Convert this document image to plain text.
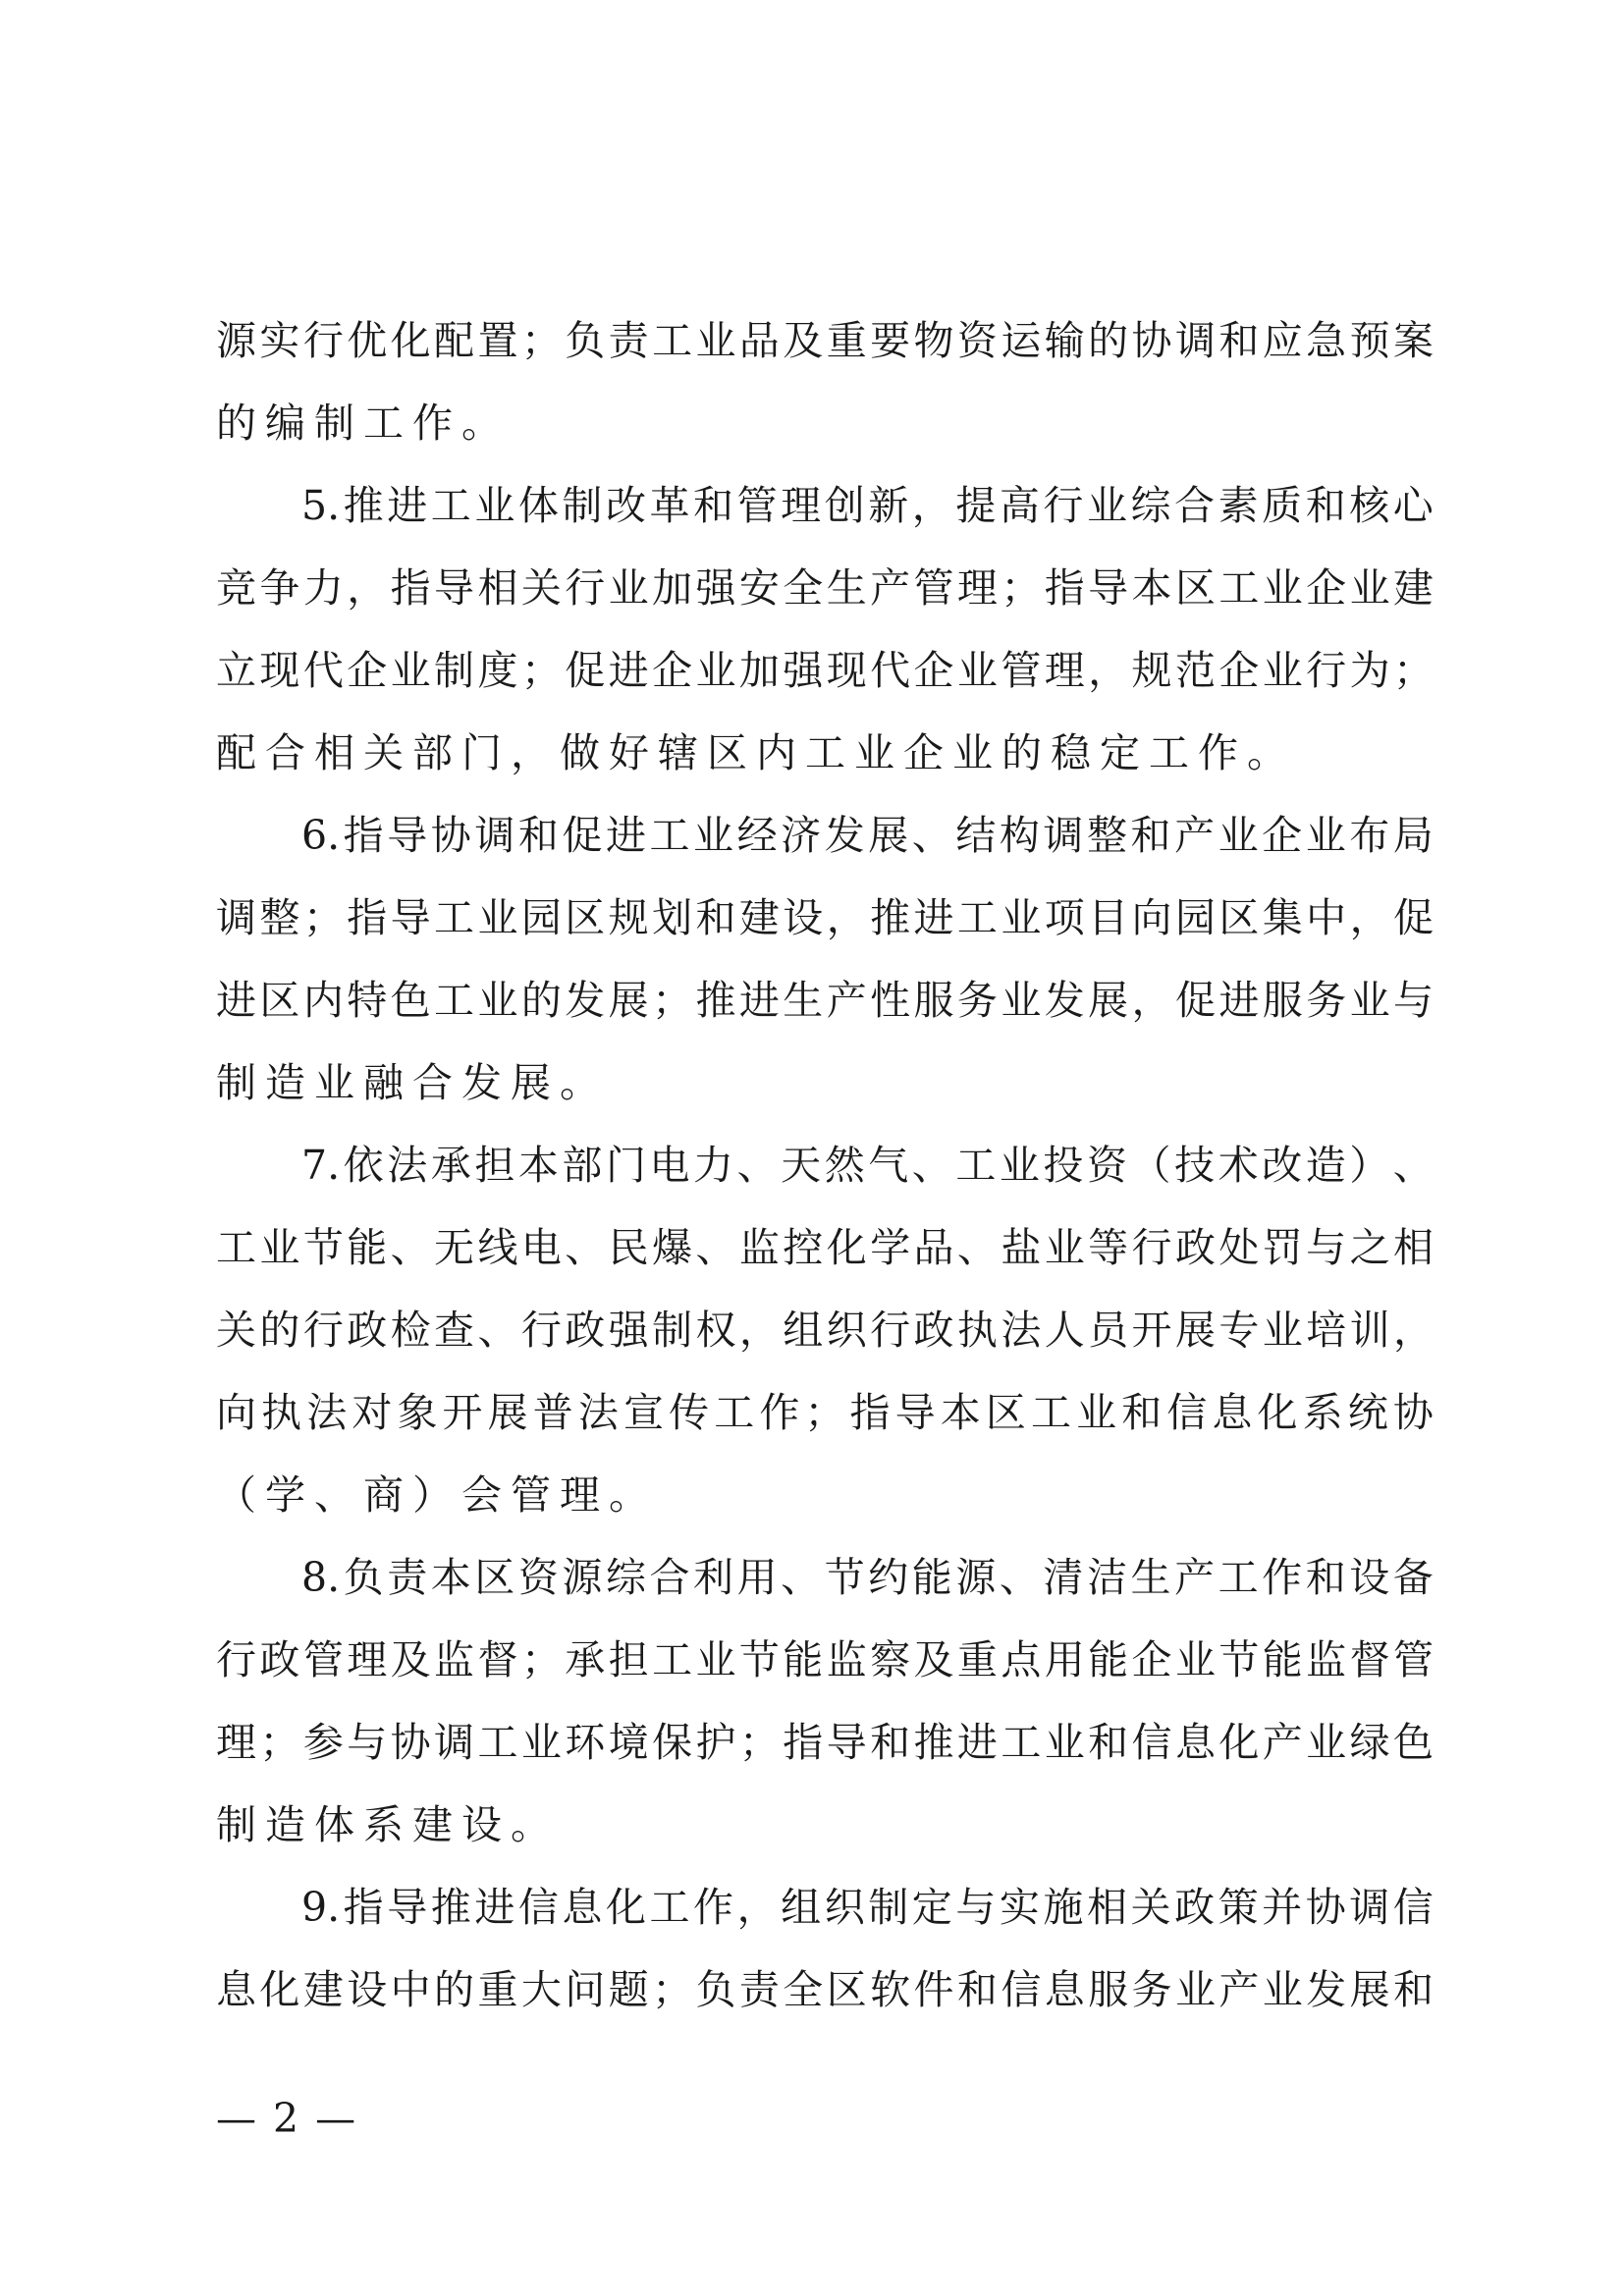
源 实 行 优 化 配 置 ； 负 责 工 业 品 及 重 要 物 资 运 输 的 协 调 和 应 急 预 案
的 编 制 工 作 。
5. 推 进 工 业 体 制 改 革 和 管 理 创 新 ， 提 高 行 业 综 合 素 质 和 核 心
竞 争 力 ， 指 导 相 关 行 业 加 强 安 全 生 产 管 理 ； 指 导 本 区 工 业 企 业 建
立 现 代 企 业 制 度 ； 促 进 企 业 加 强 现 代 企 业 管 理 ， 规 范 企 业 行 为 ；
配 合 相 关 部 门 ， 做 好 辖 区 内 工 业 企 业 的 稳 定 工 作 。
6. 指 导 协 调 和 促 进 工 业 经 济 发 展 、 结 构 调 整 和 产 业 企 业 布 局
调 整 ； 指 导 工 业 园 区 规 划 和 建 设 ， 推 进 工 业 项 目 向 园 区 集 中 ， 促
进 区 内 特 色 工 业 的 发 展 ； 推 进 生 产 性 服 务 业 发 展 ， 促 进 服 务 业 与
制 造 业 融 合 发 展 。
7. 依 法 承 担 本 部 门 电 力 、 天 然 气 、 工 业 投 资 （ 技 术 改 造 ） 、
工 业 节 能 、 无 线 电 、 民 爆 、 监 控 化 学 品 、 盐 业 等 行 政 处 罚 与 之 相
关 的 行 政 检 查 、 行 政 强 制 权 ， 组 织 行 政 执 法 人 员 开 展 专 业 培 训 ，
向 执 法 对 象 开 展 普 法 宣 传 工 作 ； 指 导 本 区 工 业 和 信 息 化 系 统 协
（ 学 、 商 ） 会 管 理 。
8. 负 责 本 区 资 源 综 合 利 用 、 节 约 能 源 、 清 洁 生 产 工 作 和 设 备
行 政 管 理 及 监 督 ； 承 担 工 业 节 能 监 察 及 重 点 用 能 企 业 节 能 监 督 管
理 ； 参 与 协 调 工 业 环 境 保 护 ； 指 导 和 推 进 工 业 和 信 息 化 产 业 绿 色
制 造 体 系 建 设 。
9. 指 导 推 进 信 息 化 工 作 ， 组 织 制 定 与 实 施 相 关 政 策 并 协 调 信
息 化 建 设 中 的 重 大 问 题 ； 负 责 全 区 软 件 和 信 息 服 务 业 产 业 发 展 和
— 2 —
